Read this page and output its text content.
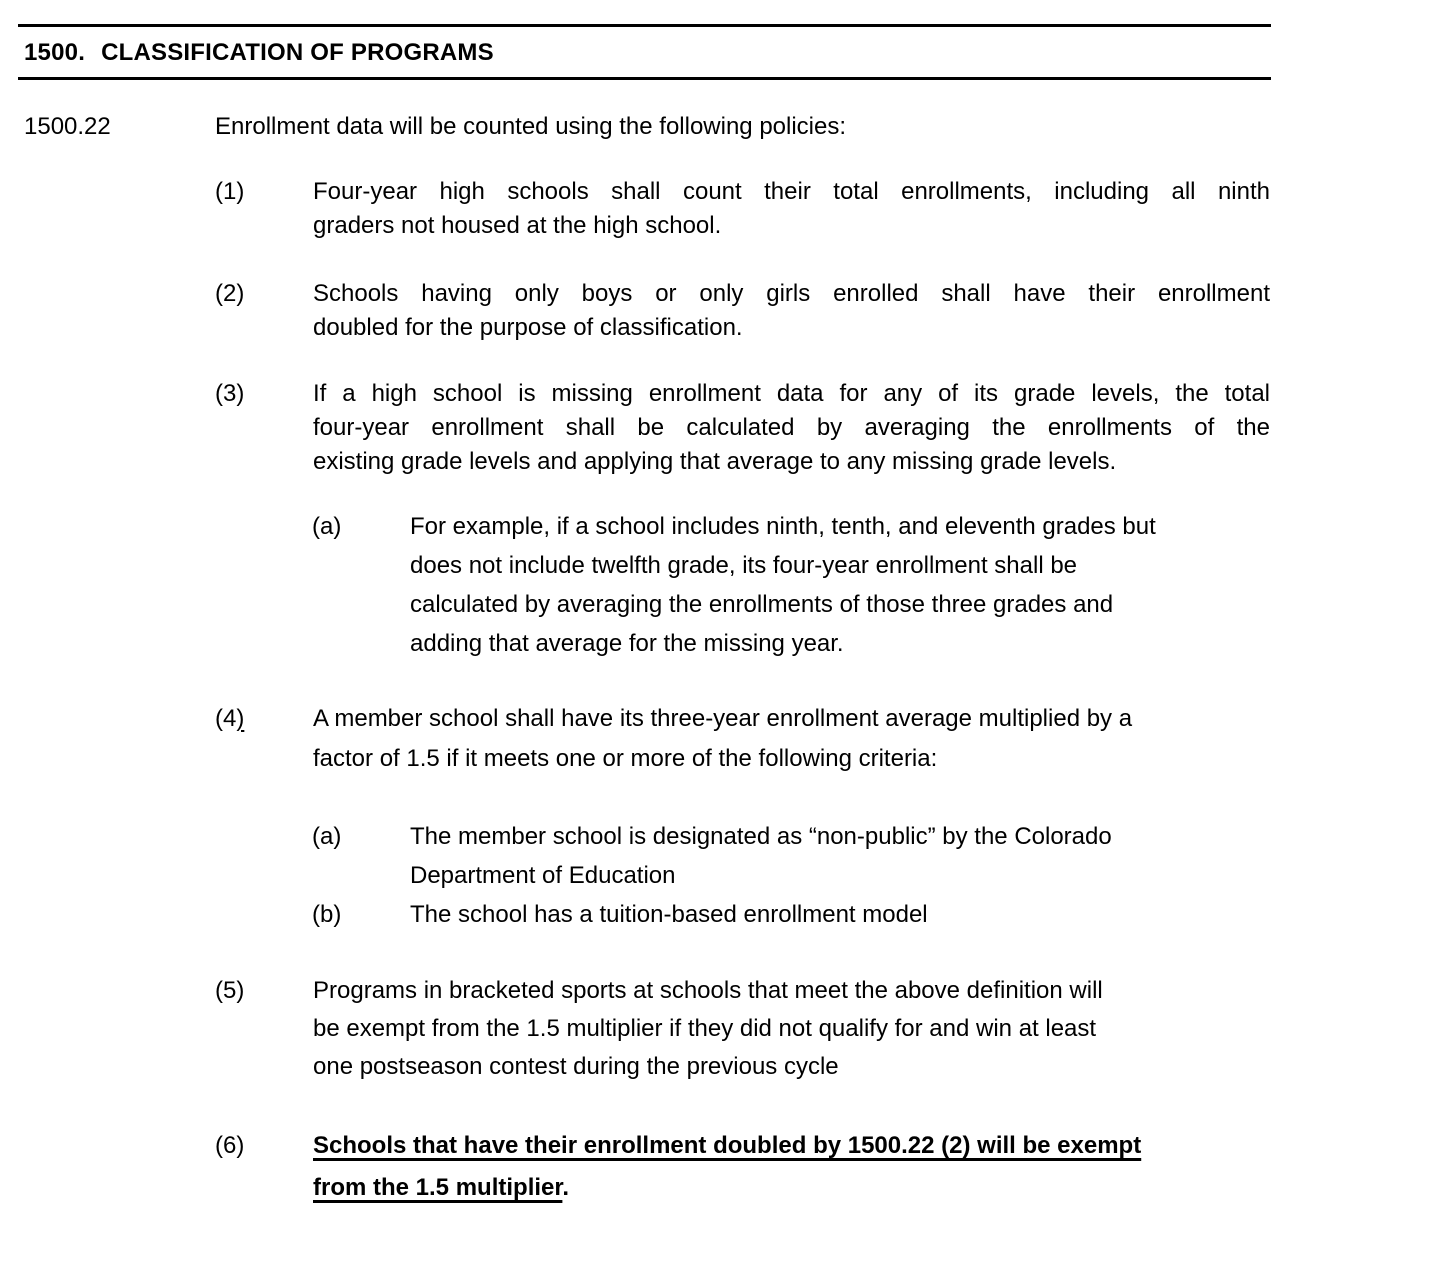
1500. CLASSIFICATION OF PROGRAMS
1500.22	Enrollment data will be counted using the following policies:
(1)	Four-year high schools shall count their total enrollments, including all ninth
graders not housed at the high school.
(2)	Schools having only boys or only girls enrolled shall have their enrollment
doubled for the purpose of classification.
(3)	If a high school is missing enrollment data for any of its grade levels, the total
four-year enrollment shall be calculated by averaging the enrollments of the
existing grade levels and applying that average to any missing grade levels.
(a)	For example, if a school includes ninth, tenth, and eleventh grades but
does not include twelfth grade, its four-year enrollment shall be
calculated by averaging the enrollments of those three grades and
adding that average for the missing year.
(4)	A member school shall have its three-year enrollment average multiplied by a
factor of 1.5 if it meets one or more of the following criteria:
(a)	The member school is designated as “non-public” by the Colorado
Department of Education
(b)	The school has a tuition-based enrollment model
(5)	Programs in bracketed sports at schools that meet the above definition will
be exempt from the 1.5 multiplier if they did not qualify for and win at least
one postseason contest during the previous cycle
(6)	Schools that have their enrollment doubled by 1500.22 (2) will be exempt
from the 1.5 multiplier.
